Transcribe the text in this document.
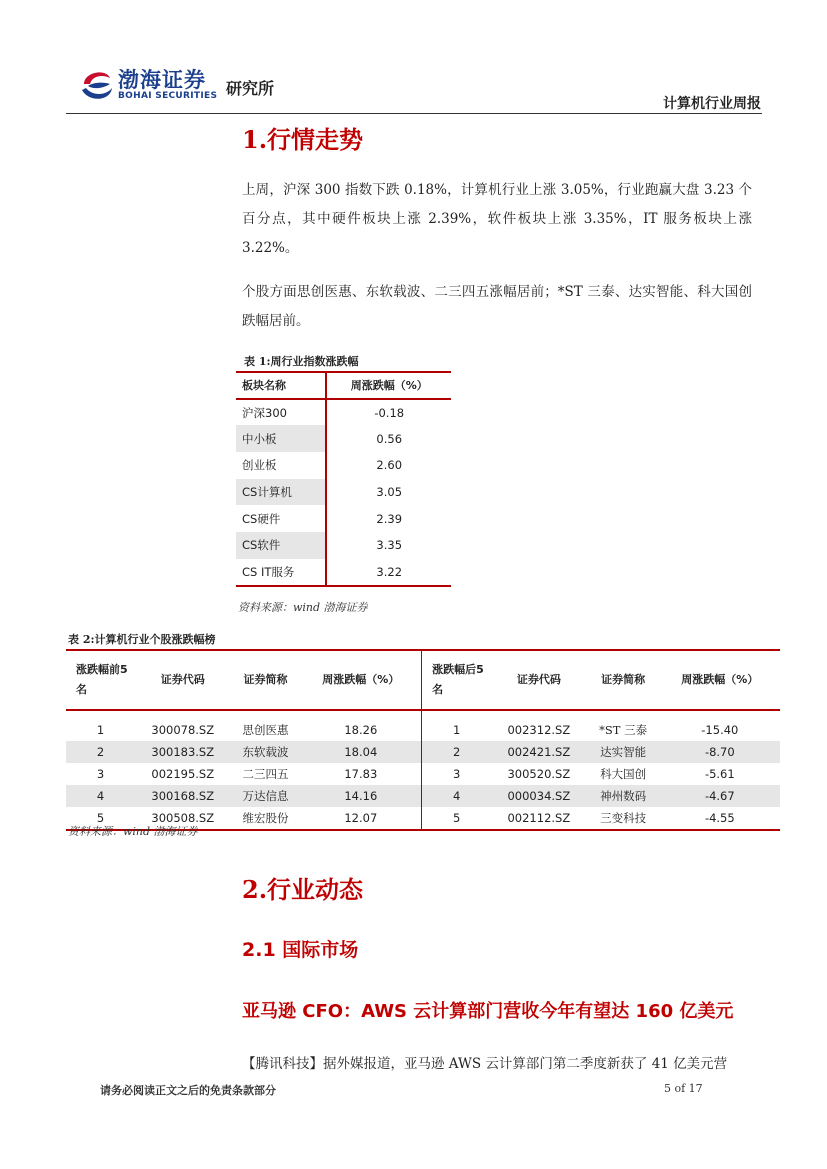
渤海证券
BOHAI SECURITIES 研究所
计算机行业周报
1.行情走势
上周，沪深 300 指数下跌 0.18%，计算机行业上涨 3.05%，行业跑赢大盘 3.23 个百分点，其中硬件板块上涨 2.39%，软件板块上涨 3.35%，IT 服务板块上涨 3.22%。
个股方面思创医惠、东软载波、二三四五涨幅居前；*ST 三泰、达实智能、科大国创跌幅居前。
表 1:周行业指数涨跌幅
板块名称	周涨跌幅（%）
沪深300	-0.18
中小板	0.56
创业板	2.60
CS计算机	3.05
CS硬件	2.39
CS软件	3.35
CS IT服务	3.22
资料来源：wind 渤海证券
表 2:计算机行业个股涨跌幅榜
涨跌幅前5名	证券代码	证券简称	周涨跌幅（%）	涨跌幅后5名	证券代码	证券简称	周涨跌幅（%）

1	300078.SZ	思创医惠	18.26	1	002312.SZ	*ST 三泰	-15.40
2	300183.SZ	东软载波	18.04	2	002421.SZ	达实智能	-8.70
3	002195.SZ	二三四五	17.83	3	300520.SZ	科大国创	-5.61
4	300168.SZ	万达信息	14.16	4	000034.SZ	神州数码	-4.67
5	300508.SZ	维宏股份	12.07	5	002112.SZ	三变科技	-4.55
资料来源：wind 渤海证券
2.行业动态
2.1 国际市场
亚马逊 CFO：AWS 云计算部门营收今年有望达 160 亿美元
【腾讯科技】据外媒报道，亚马逊 AWS 云计算部门第二季度新获了 41 亿美元营
请务必阅读正文之后的免责条款部分	5 of 17
